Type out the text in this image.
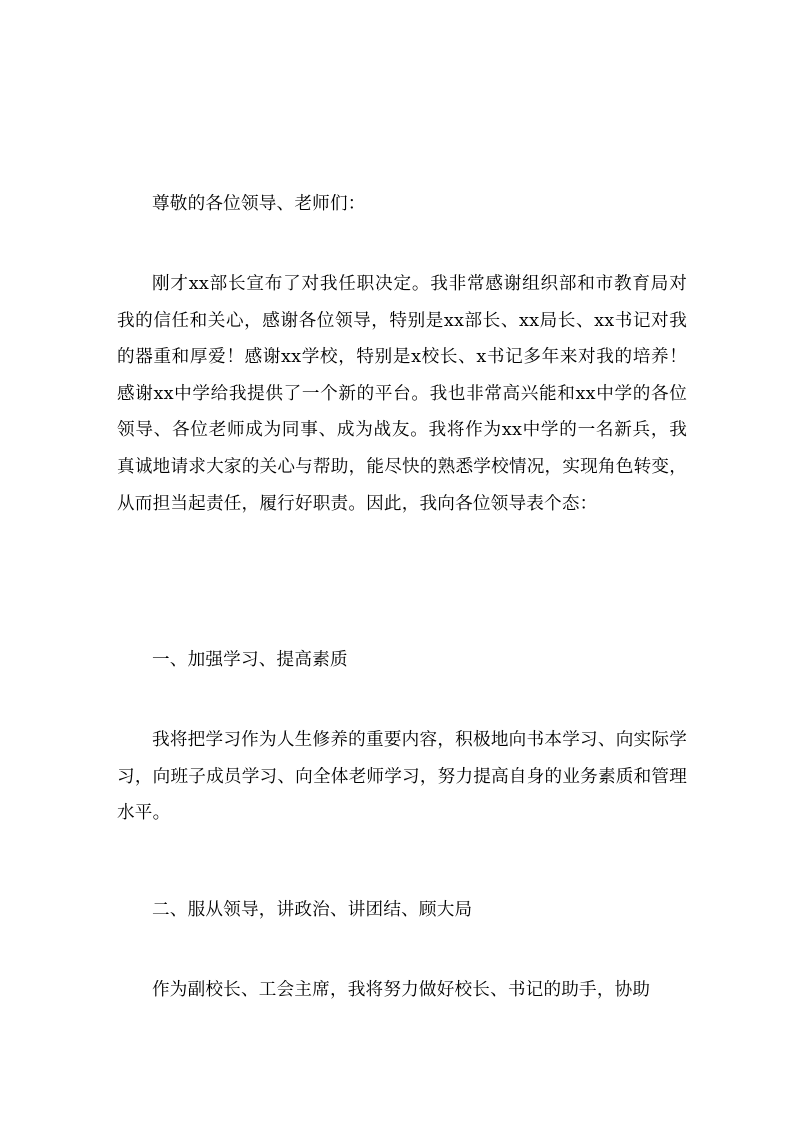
尊敬的各位领导、老师们：

刚才xx部长宣布了对我任职决定。我非常感谢组织部和市教育局对我的信任和关心，感谢各位领导，特别是xx部长、xx局长、xx书记对我的器重和厚爱！感谢xx学校，特别是x校长、x书记多年来对我的培养！感谢xx中学给我提供了一个新的平台。我也非常高兴能和xx中学的各位领导、各位老师成为同事、成为战友。我将作为xx中学的一名新兵，我真诚地请求大家的关心与帮助，能尽快的熟悉学校情况，实现角色转变，从而担当起责任，履行好职责。因此，我向各位领导表个态：

一、加强学习、提高素质

我将把学习作为人生修养的重要内容，积极地向书本学习、向实际学习，向班子成员学习、向全体老师学习，努力提高自身的业务素质和管理水平。

二、服从领导，讲政治、讲团结、顾大局

作为副校长、工会主席，我将努力做好校长、书记的助手，协助
